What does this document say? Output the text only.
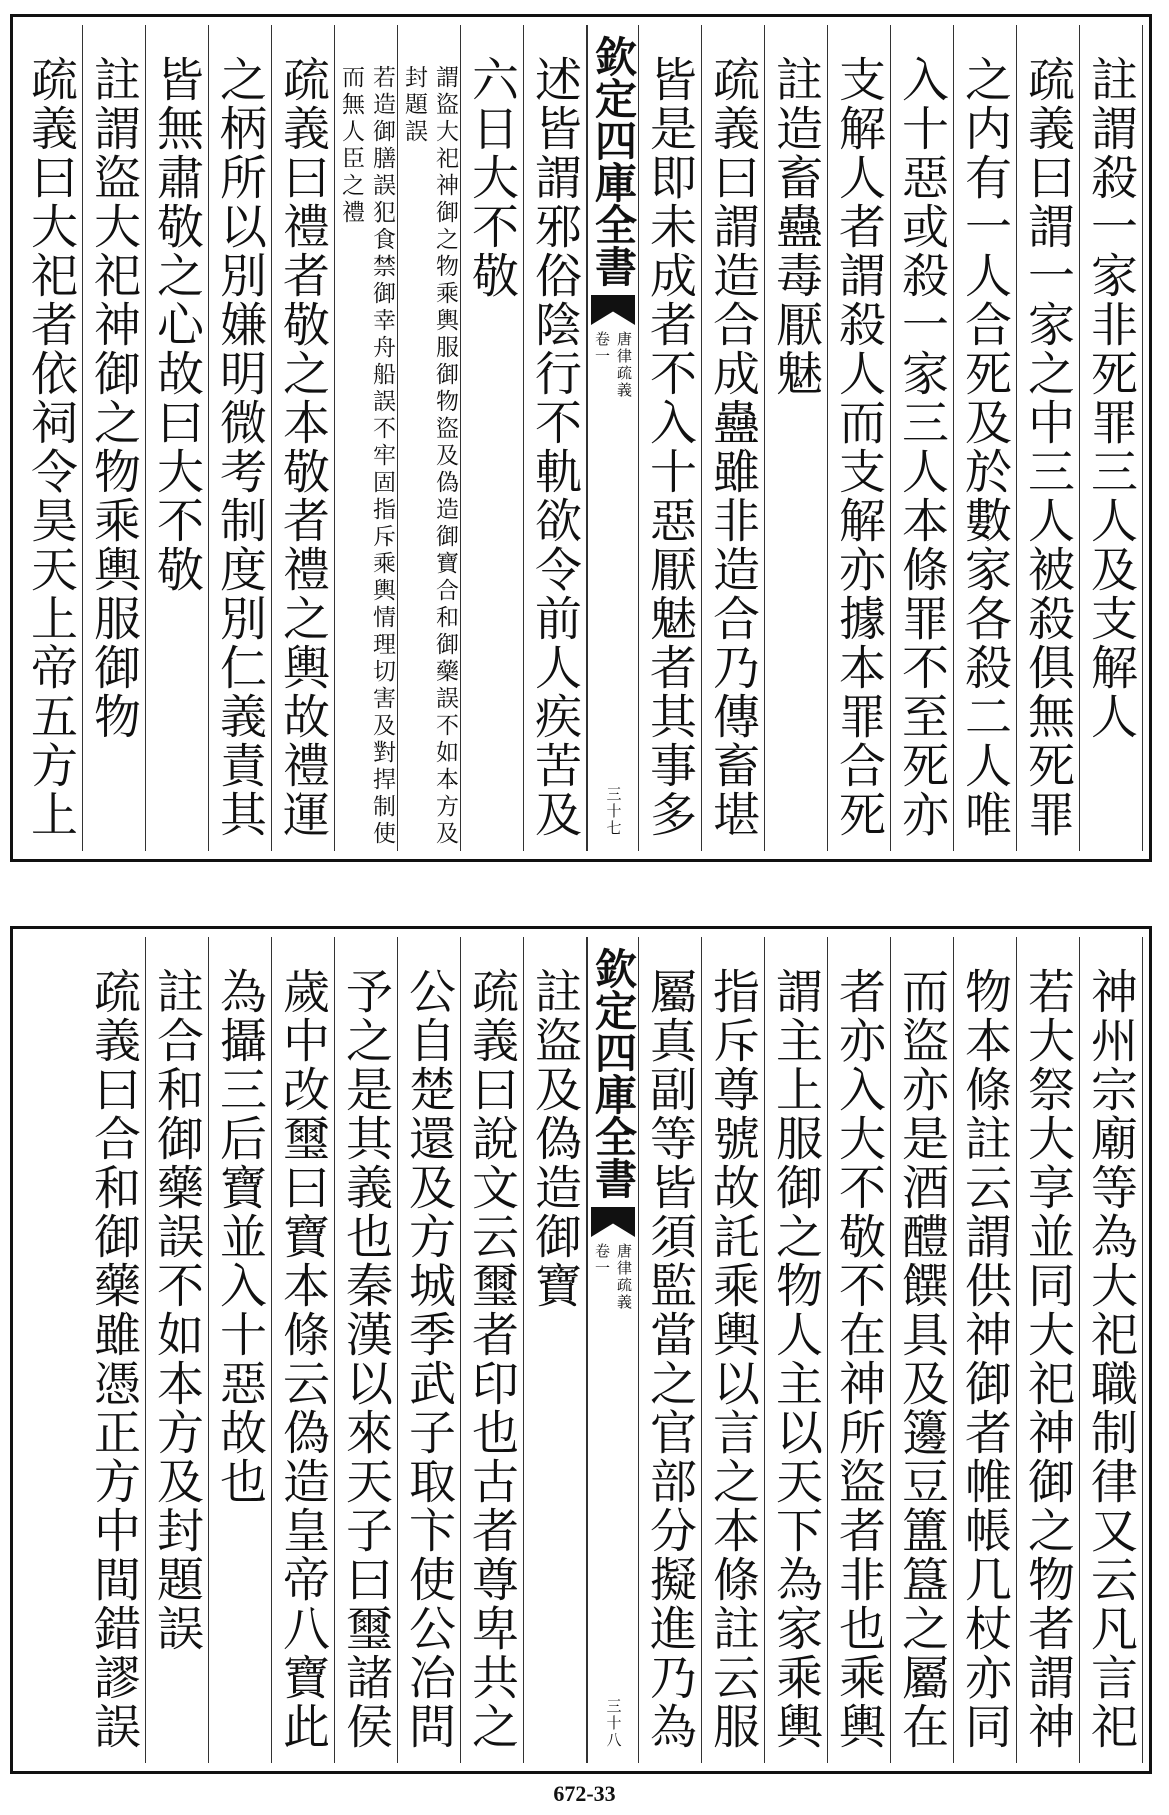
註謂殺一家非死罪三人及支解人
疏義曰謂一家之中三人被殺俱無死罪
之内有一人合死及於數家各殺二人唯
入十惡或殺一家三人本條罪不至死亦
支解人者謂殺人而支解亦據本罪合死
註造畜蠱毒厭魅
疏義曰謂造合成蠱雖非造合乃傳畜堪
皆是即未成者不入十惡厭魅者其事多
欽定四庫全書
唐律疏義
卷一
三十七
述皆謂邪俗陰行不軌欲令前人疾苦及
六日大不敬
謂盜大祀神御之物乘輿服御物盜及偽造御寶合和御藥誤不如本方及封題誤
若造御膳誤犯食禁御幸舟船誤不牢固指斥乘輿情理切害及對捍制使而無人臣之禮
疏義曰禮者敬之本敬者禮之輿故禮運
之柄所以別嫌明微考制度別仁義責其
皆無肅敬之心故曰大不敬
註謂盜大祀神御之物乘輿服御物
疏義曰大祀者依祠令昊天上帝五方上
神州宗廟等為大祀職制律又云凡言祀
若大祭大享並同大祀神御之物者謂神
物本條註云謂供神御者帷帳几杖亦同
而盜亦是酒醴饌具及籩豆簠簋之屬在
者亦入大不敬不在神所盜者非也乘輿
謂主上服御之物人主以天下為家乘輿
指斥尊號故託乘輿以言之本條註云服
屬真副等皆須監當之官部分擬進乃為
欽定四庫全書
唐律疏義
卷一
三十八
註盜及偽造御寶
疏義曰說文云璽者印也古者尊卑共之
公自楚還及方城季武子取卞使公冶問
予之是其義也秦漢以來天子曰璽諸侯
歲中改璽曰寶本條云偽造皇帝八寶此
為攝三后寶並入十惡故也
註合和御藥誤不如本方及封題誤
疏義曰合和御藥雖憑正方中間錯謬誤
672-33
